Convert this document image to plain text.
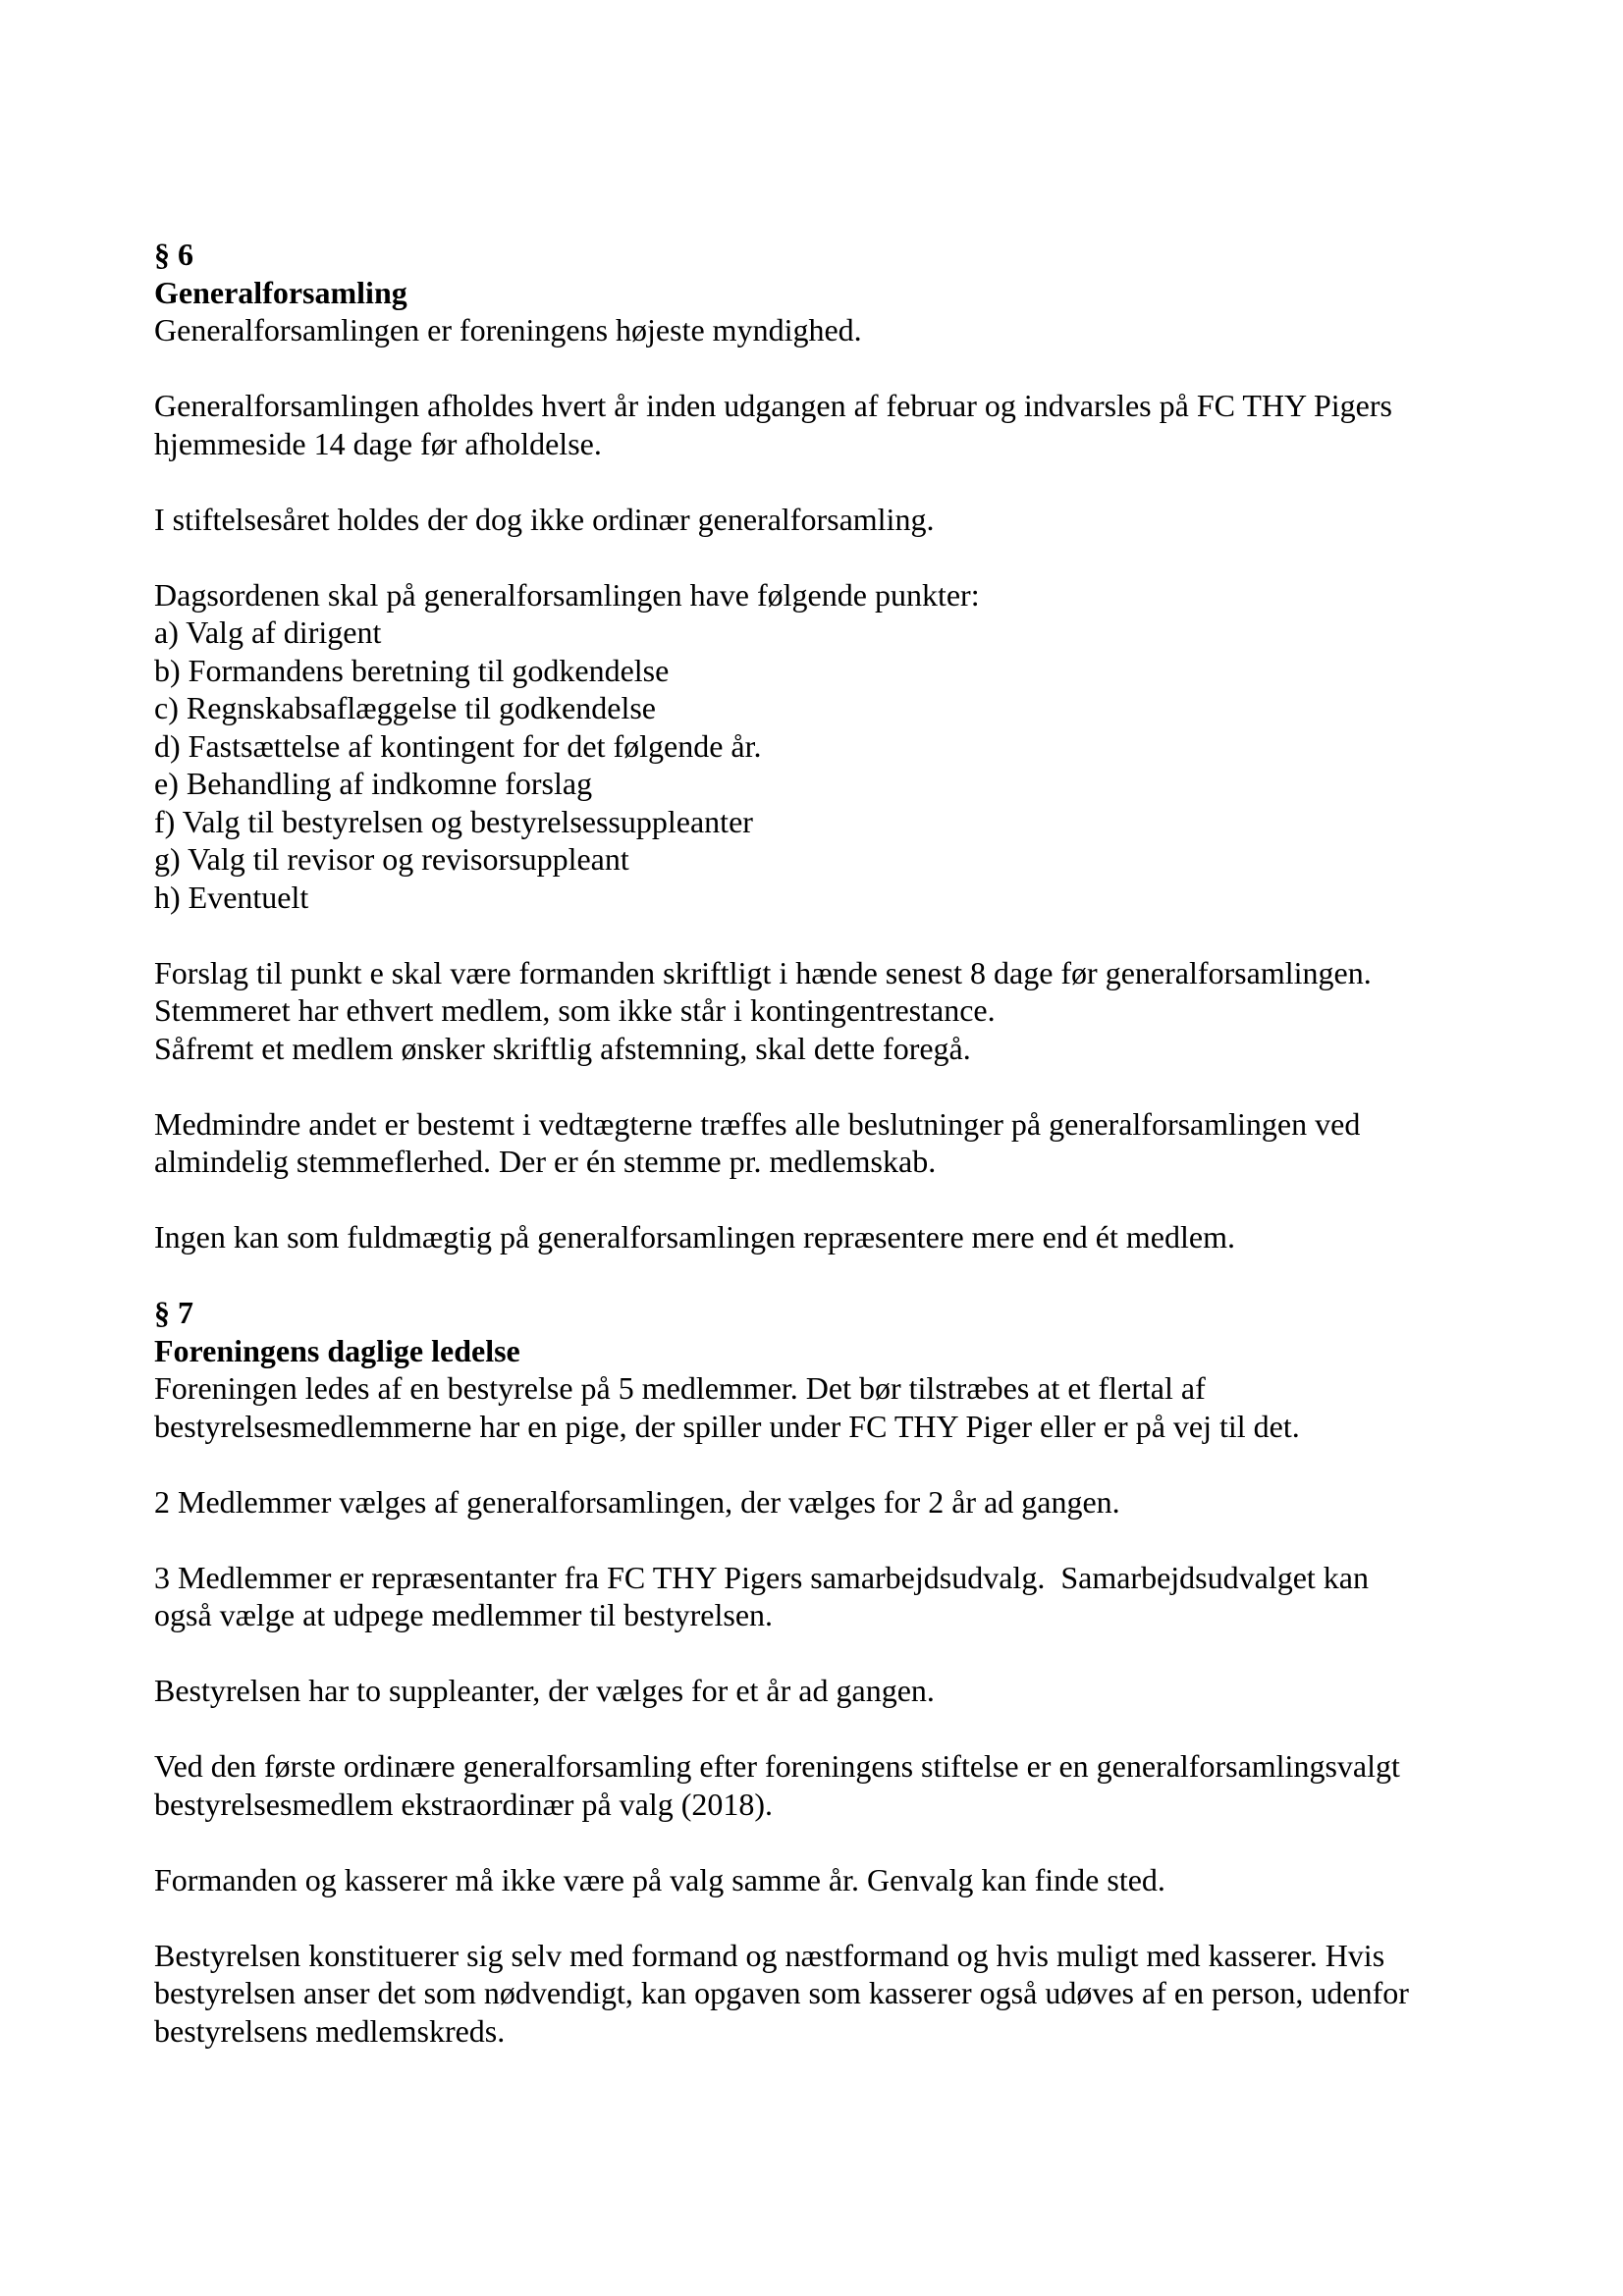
§ 6
Generalforsamling
Generalforsamlingen er foreningens højeste myndighed.
Generalforsamlingen afholdes hvert år inden udgangen af februar og indvarsles på FC THY Pigers
hjemmeside 14 dage før afholdelse.
I stiftelsesåret holdes der dog ikke ordinær generalforsamling.
Dagsordenen skal på generalforsamlingen have følgende punkter:
a) Valg af dirigent
b) Formandens beretning til godkendelse
c) Regnskabsaflæggelse til godkendelse
d) Fastsættelse af kontingent for det følgende år.
e) Behandling af indkomne forslag
f) Valg til bestyrelsen og bestyrelsessuppleanter
g) Valg til revisor og revisorsuppleant
h) Eventuelt
Forslag til punkt e skal være formanden skriftligt i hænde senest 8 dage før generalforsamlingen.
Stemmeret har ethvert medlem, som ikke står i kontingentrestance.
Såfremt et medlem ønsker skriftlig afstemning, skal dette foregå.
Medmindre andet er bestemt i vedtægterne træffes alle beslutninger på generalforsamlingen ved
almindelig stemmeflerhed. Der er én stemme pr. medlemskab.
Ingen kan som fuldmægtig på generalforsamlingen repræsentere mere end ét medlem.
§ 7
Foreningens daglige ledelse
Foreningen ledes af en bestyrelse på 5 medlemmer. Det bør tilstræbes at et flertal af
bestyrelsesmedlemmerne har en pige, der spiller under FC THY Piger eller er på vej til det.
2 Medlemmer vælges af generalforsamlingen, der vælges for 2 år ad gangen.
3 Medlemmer er repræsentanter fra FC THY Pigers samarbejdsudvalg.  Samarbejdsudvalget kan
også vælge at udpege medlemmer til bestyrelsen.
Bestyrelsen har to suppleanter, der vælges for et år ad gangen.
Ved den første ordinære generalforsamling efter foreningens stiftelse er en generalforsamlingsvalgt
bestyrelsesmedlem ekstraordinær på valg (2018).
Formanden og kasserer må ikke være på valg samme år. Genvalg kan finde sted.
Bestyrelsen konstituerer sig selv med formand og næstformand og hvis muligt med kasserer. Hvis
bestyrelsen anser det som nødvendigt, kan opgaven som kasserer også udøves af en person, udenfor
bestyrelsens medlemskreds.
